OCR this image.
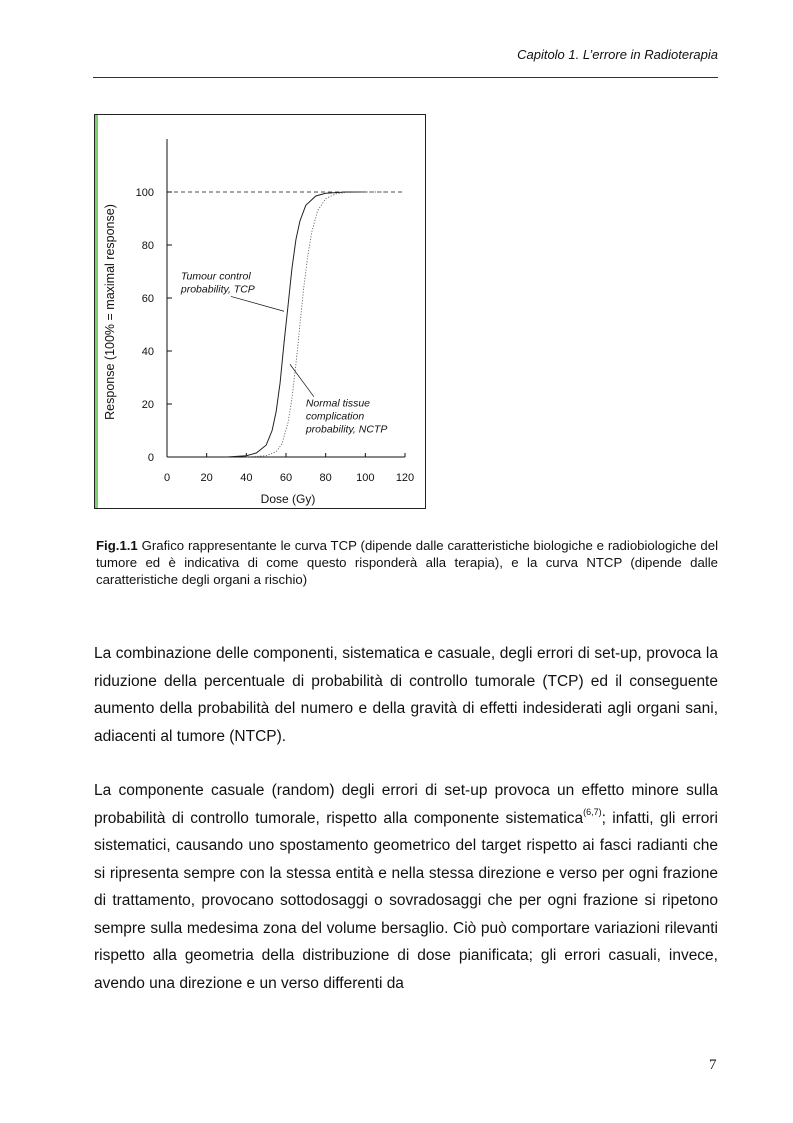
Capitolo 1. L’errore in Radioterapia
0
20
40
60
80
100
0	20 40 60 80 100 120
Dose (Gy)
Response (100% = maximal response)	Tumour control
probability, TCP
Normal tissue
complication
probability, NCTP
Fig.1.1 Grafico rappresentante le curva TCP (dipende dalle caratteristiche biologiche e radiobiologiche del tumore ed è indicativa di come questo risponderà alla terapia), e la curva NTCP (dipende dalle caratteristiche degli organi a rischio)

La combinazione delle componenti, sistematica e casuale, degli errori di set-up, provoca la riduzione della percentuale di probabilità di controllo tumorale (TCP) ed il conseguente aumento della probabilità del numero e della gravità di effetti indesiderati agli organi sani, adiacenti al tumore (NTCP).

La componente casuale (random) degli errori di set-up provoca un effetto minore sulla probabilità di controllo tumorale, rispetto alla componente sistematica$^{(6,7)}$; infatti, gli errori sistematici, causando uno spostamento geometrico del target rispetto ai fasci radianti che si ripresenta sempre con la stessa entità e nella stessa direzione e verso per ogni frazione di trattamento, provocano sottodosaggi o sovradosaggi che per ogni frazione si ripetono sempre sulla medesima zona del volume bersaglio. Ciò può comportare variazioni rilevanti rispetto alla geometria della distribuzione di dose pianificata; gli errori casuali, invece, avendo una direzione e un verso differenti da

7
